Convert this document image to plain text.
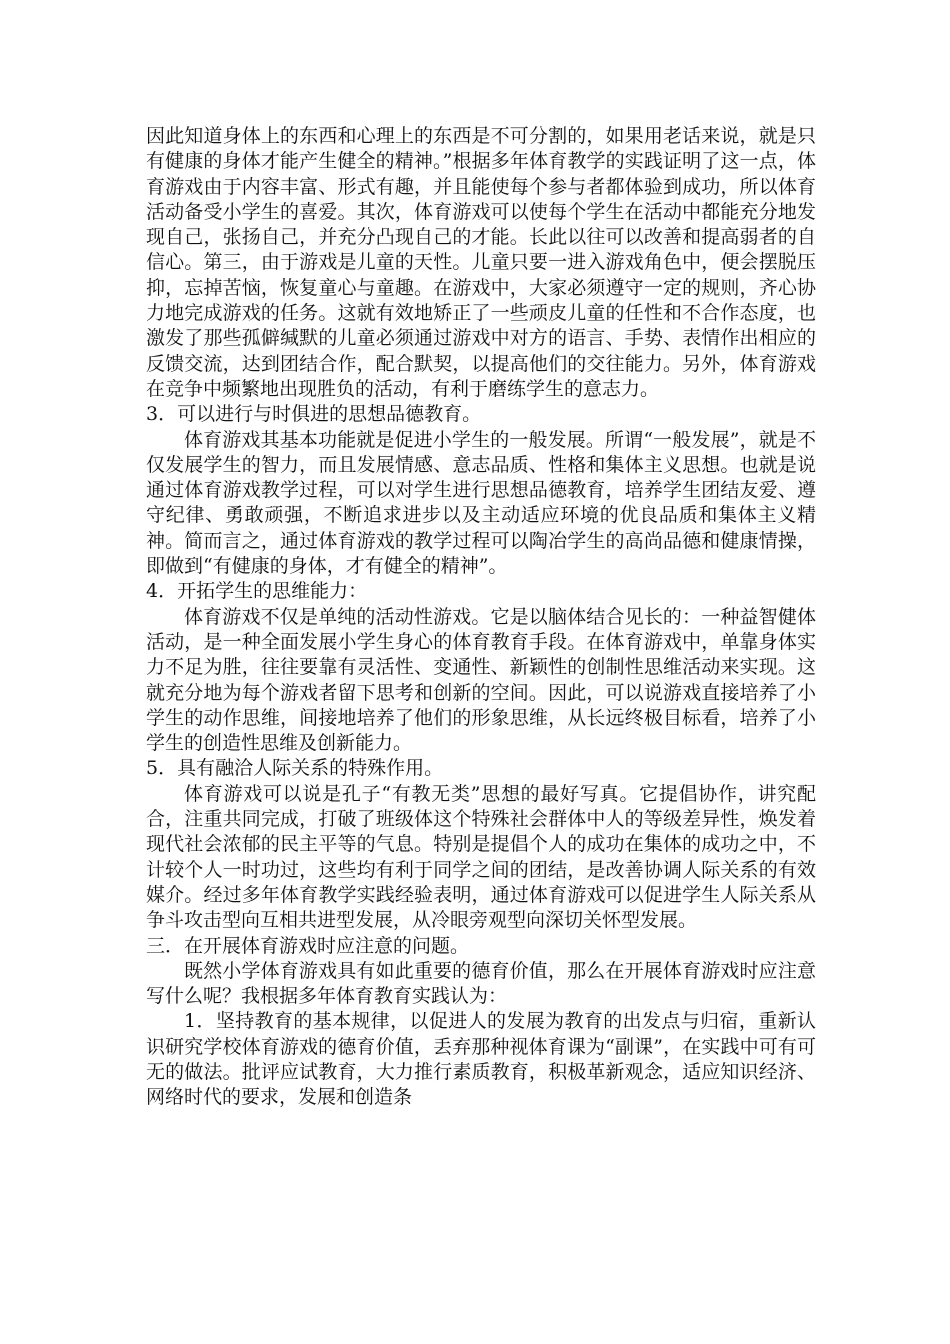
因此知道身体上的东西和心理上的东西是不可分割的，如果用老话来说，就是只有健康的身体才能产生健全的精神。”根据多年体育教学的实践证明了这一点，体育游戏由于内容丰富、形式有趣，并且能使每个参与者都体验到成功，所以体育活动备受小学生的喜爱。其次，体育游戏可以使每个学生在活动中都能充分地发现自己，张扬自己，并充分凸现自己的才能。长此以往可以改善和提高弱者的自信心。第三，由于游戏是儿童的天性。儿童只要一进入游戏角色中，便会摆脱压抑，忘掉苦恼，恢复童心与童趣。在游戏中，大家必须遵守一定的规则，齐心协力地完成游戏的任务。这就有效地矫正了一些顽皮儿童的任性和不合作态度，也激发了那些孤僻缄默的儿童必须通过游戏中对方的语言、手势、表情作出相应的反馈交流，达到团结合作，配合默契，以提高他们的交往能力。另外，体育游戏在竞争中频繁地出现胜负的活动，有利于磨练学生的意志力。

3．可以进行与时俱进的思想品德教育。

体育游戏其基本功能就是促进小学生的一般发展。所谓“一般发展”，就是不仅发展学生的智力，而且发展情感、意志品质、性格和集体主义思想。也就是说通过体育游戏教学过程，可以对学生进行思想品德教育，培养学生团结友爱、遵守纪律、勇敢顽强，不断追求进步以及主动适应环境的优良品质和集体主义精神。简而言之，通过体育游戏的教学过程可以陶冶学生的高尚品德和健康情操，即做到“有健康的身体，才有健全的精神”。

4．开拓学生的思维能力：

体育游戏不仅是单纯的活动性游戏。它是以脑体结合见长的：一种益智健体活动，是一种全面发展小学生身心的体育教育手段。在体育游戏中，单靠身体实力不足为胜，往往要靠有灵活性、变通性、新颖性的创制性思维活动来实现。这就充分地为每个游戏者留下思考和创新的空间。因此，可以说游戏直接培养了小学生的动作思维，间接地培养了他们的形象思维，从长远终极目标看，培养了小学生的创造性思维及创新能力。

5．具有融洽人际关系的特殊作用。

体育游戏可以说是孔子“有教无类”思想的最好写真。它提倡协作，讲究配合，注重共同完成，打破了班级体这个特殊社会群体中人的等级差异性，焕发着现代社会浓郁的民主平等的气息。特别是提倡个人的成功在集体的成功之中，不计较个人一时功过，这些均有利于同学之间的团结，是改善协调人际关系的有效媒介。经过多年体育教学实践经验表明，通过体育游戏可以促进学生人际关系从争斗攻击型向互相共进型发展，从冷眼旁观型向深切关怀型发展。

三．在开展体育游戏时应注意的问题。

既然小学体育游戏具有如此重要的德育价值，那么在开展体育游戏时应注意写什么呢？我根据多年体育教育实践认为：

1．坚持教育的基本规律，以促进人的发展为教育的出发点与归宿，重新认识研究学校体育游戏的德育价值，丢弃那种视体育课为“副课”，在实践中可有可无的做法。批评应试教育，大力推行素质教育，积极革新观念，适应知识经济、网络时代的要求，发展和创造条
